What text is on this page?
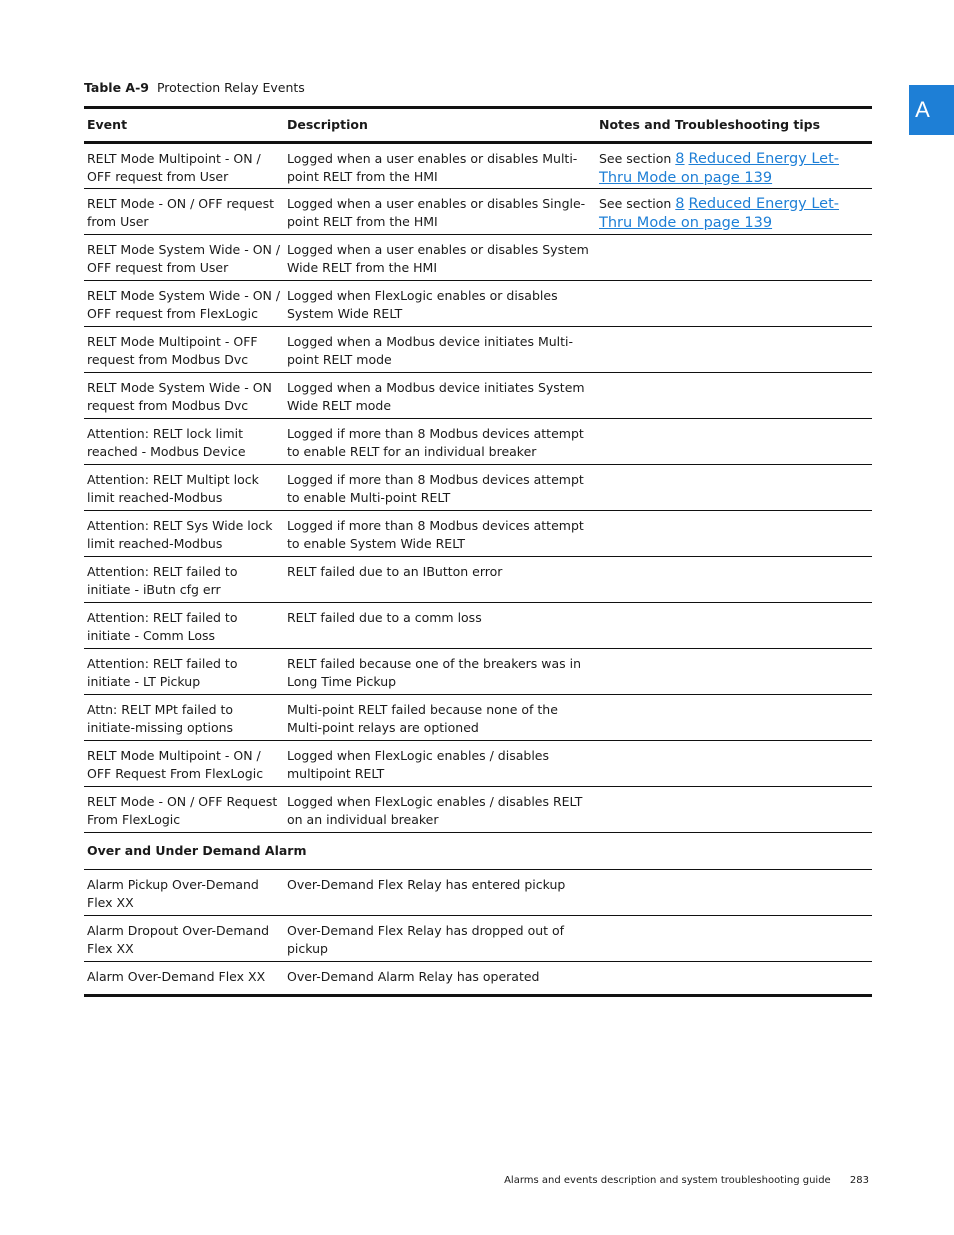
A
Table A-9 Protection Relay Events
Event	Description	Notes and Troubleshooting tips
RELT Mode Multipoint - ON / OFF request from User	Logged when a user enables or disables Multi-point RELT from the HMI	See section 8 Reduced Energy Let-Thru Mode on page 139
RELT Mode - ON / OFF request from User	Logged when a user enables or disables Single-point RELT from the HMI	See section 8 Reduced Energy Let-Thru Mode on page 139
RELT Mode System Wide - ON / OFF request from User	Logged when a user enables or disables System Wide RELT from the HMI	
RELT Mode System Wide - ON / OFF request from FlexLogic	Logged when FlexLogic enables or disables System Wide RELT	
RELT Mode Multipoint - OFF request from Modbus Dvc	Logged when a Modbus device initiates Multi-point RELT mode	
RELT Mode System Wide - ON request from Modbus Dvc	Logged when a Modbus device initiates System Wide RELT mode	
Attention: RELT lock limit reached - Modbus Device	Logged if more than 8 Modbus devices attempt to enable RELT for an individual breaker	
Attention: RELT Multipt lock limit reached-Modbus	Logged if more than 8 Modbus devices attempt to enable Multi-point RELT	
Attention: RELT Sys Wide lock limit reached-Modbus	Logged if more than 8 Modbus devices attempt to enable System Wide RELT	
Attention: RELT failed to initiate - iButn cfg err	RELT failed due to an IButton error	
Attention: RELT failed to initiate - Comm Loss	RELT failed due to a comm loss	
Attention: RELT failed to initiate - LT Pickup	RELT failed because one of the breakers was in Long Time Pickup	
Attn: RELT MPt failed to initiate-missing options	Multi-point RELT failed because none of the Multi-point relays are optioned	
RELT Mode Multipoint - ON / OFF Request From FlexLogic	Logged when FlexLogic enables / disables multipoint RELT	
RELT Mode - ON / OFF Request From FlexLogic	Logged when FlexLogic enables / disables RELT on an individual breaker	
Over and Under Demand Alarm		
Alarm Pickup Over-Demand Flex XX	Over-Demand Flex Relay has entered pickup	
Alarm Dropout Over-Demand Flex XX	Over-Demand Flex Relay has dropped out of pickup	
Alarm Over-Demand Flex XX	Over-Demand Alarm Relay has operated	
Alarms and events description and system troubleshooting guide 283
